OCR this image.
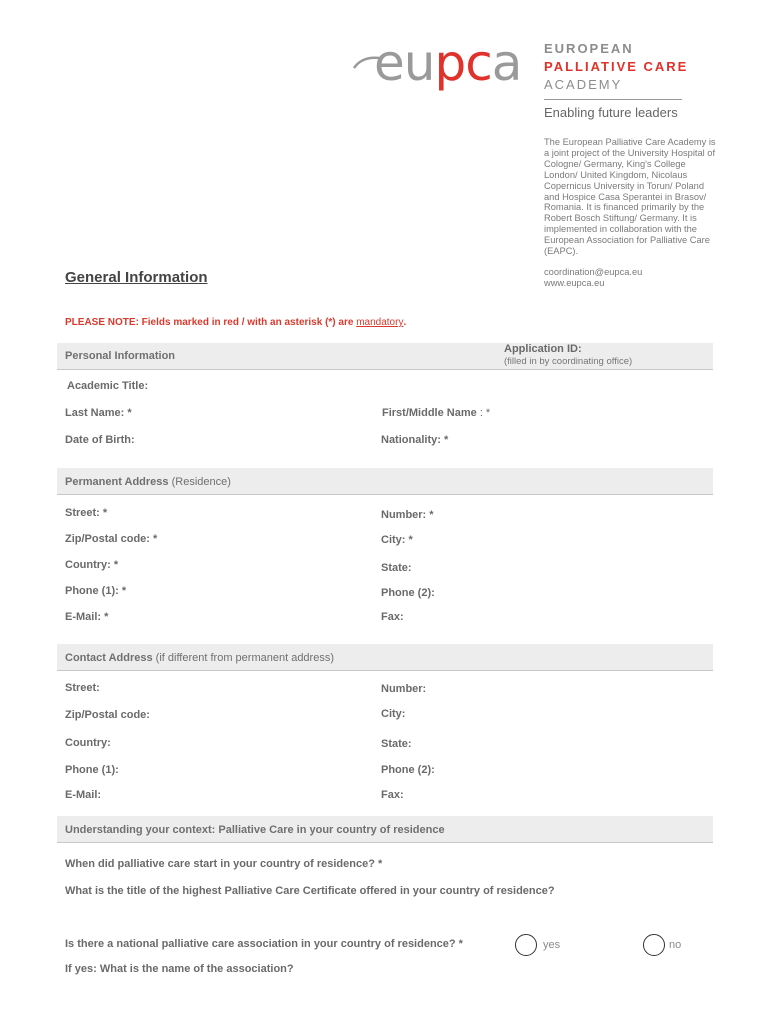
eupca EUROPEAN
PALLIATIVE CARE
ACADEMY
Enabling future leaders
The European Palliative Care Academy is a joint project of the University Hospital of Cologne/ Germany, King's College London/ United Kingdom, Nicolaus Copernicus University in Torun/ Poland and Hospice Casa Sperantei in Brasov/ Romania. It is financed primarily by the Robert Bosch Stiftung/ Germany. It is implemented in collaboration with the European Association for Palliative Care (EAPC).
coordination@eupca.eu
www.eupca.eu
General Information
PLEASE NOTE: Fields marked in red / with an asterisk (*) are mandatory.
Personal Information
Application ID:
(filled in by coordinating office)
Academic Title:
Last Name: *	First/Middle Name : *
Date of Birth:	Nationality: *
Permanent Address (Residence)
Street: *	Number: *
Zip/Postal code: *	City: *
Country: *	State:
Phone (1): *	Phone (2):
E-Mail: *	Fax:
Contact Address (if different from permanent address)
Street:	Number:
Zip/Postal code:	City:
Country:	State:
Phone (1):	Phone (2):
E-Mail:	Fax:
Understanding your context: Palliative Care in your country of residence
When did palliative care start in your country of residence? *
What is the title of the highest Palliative Care Certificate offered in your country of residence?
Is there a national palliative care association in your country of residence? *	yes	no
If yes: What is the name of the association?
